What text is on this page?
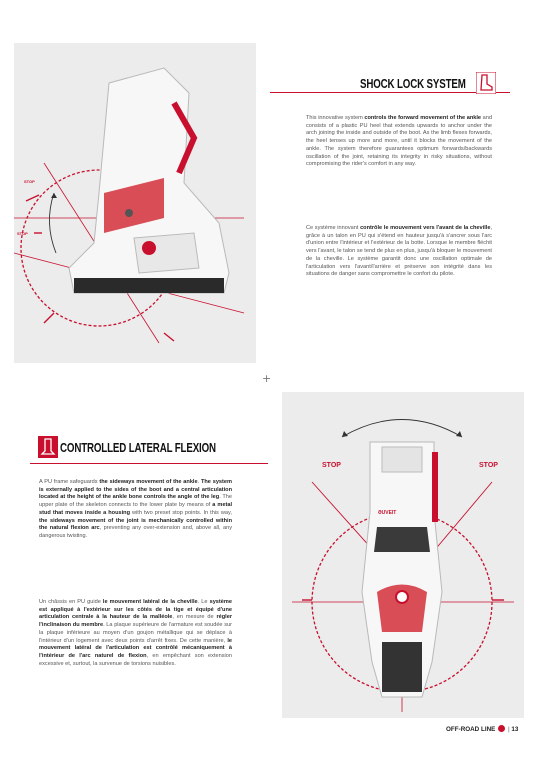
STOP
STOP
SHOCK LOCK SYSTEM
This innovative system controls the forward movement of the ankle and consists of a plastic PU heel that extends upwards to anchor under the arch joining the inside and outside of the boot. As the limb flexes forwards, the heel tenses up more and more, until it blocks the movement of the ankle. The system therefore guarantees optimum forwards/backwards oscillation of the joint, retaining its integrity in risky situations, without compromising the rider's comfort in any way.
Ce système innovant contrôle le mouvement vers l'avant de la cheville, grâce à un talon en PU qui s'étend en hauteur jusqu'à s'ancrer sous l'arc d'union entre l'intérieur et l'extérieur de la botte. Lorsque le membre fléchit vers l'avant, le talon se tend de plus en plus, jusqu'à bloquer le mouvement de la cheville. Le système garantit donc une oscillation optimale de l'articulation vers l'avant/l'arrière et préserve son intégrité dans les situations de danger sans compromettre le confort du pilote.
+
CONTROLLED LATERAL FLEXION
A PU frame safeguards the sideways movement of the ankle. The system is externally applied to the sides of the boot and a central articulation located at the height of the ankle bone controls the angle of the leg. The upper plate of the skeleton connects to the lower plate by means of a metal stud that moves inside a housing with two preset stop points. In this way, the sideways movement of the joint is mechanically controlled within the natural flexion arc, preventing any over-extension and, above all, any dangerous twisting.
Un châssis en PU guide le mouvement latéral de la cheville. Le système est appliqué à l'extérieur sur les côtés de la tige et équipé d'une articulation centrale à la hauteur de la malléole, en mesure de régler l'inclinaison du membre. La plaque supérieure de l'armature est soudée sur la plaque inférieure au moyen d'un goujon métallique qui se déplace à l'intérieur d'un logement avec deux points d'arrêt fixes. De cette manière, le mouvement latéral de l'articulation est contrôlé mécaniquement à l'intérieur de l'arc naturel de flexion, en empêchant son extension excessive et, surtout, la survenue de torsions nuisibles.
STOP	STOP
ƏUVEIT
OFF-ROAD LINE | 13
